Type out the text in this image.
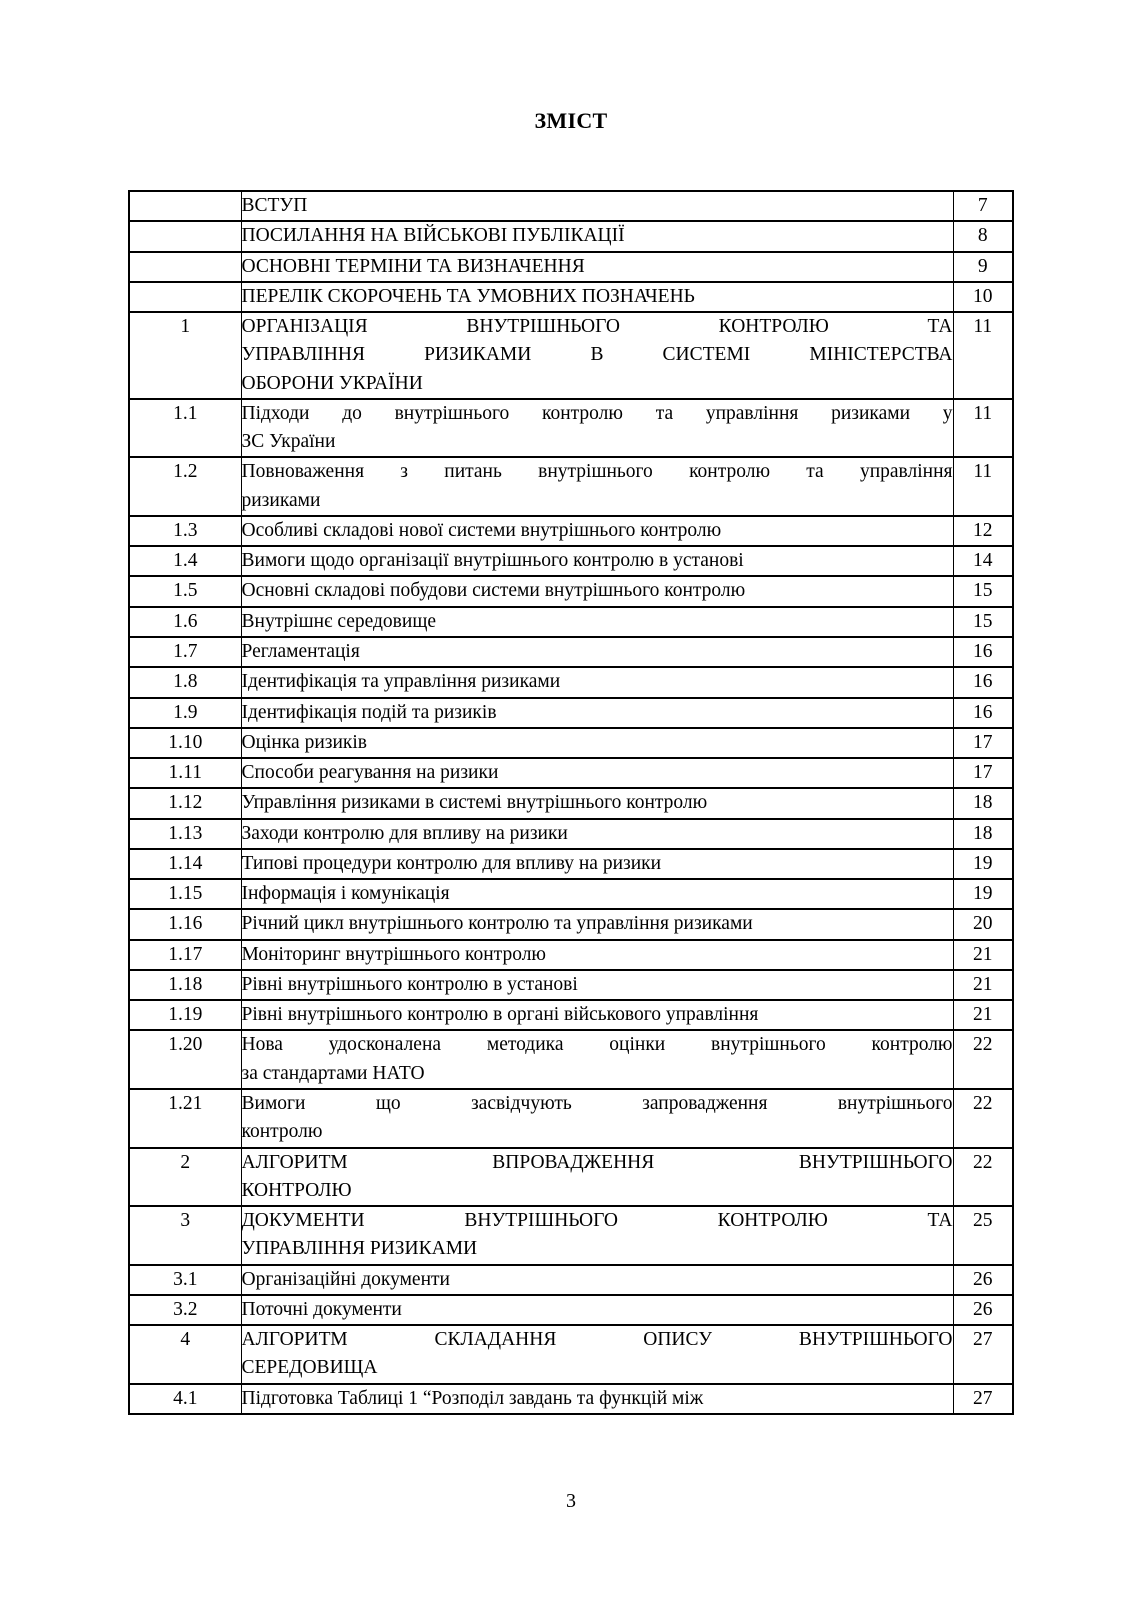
ЗМІСТ
	ВСТУП	7
	ПОСИЛАННЯ НА ВІЙСЬКОВІ ПУБЛІКАЦІЇ	8
	ОСНОВНІ ТЕРМІНИ ТА ВИЗНАЧЕННЯ	9
	ПЕРЕЛІК СКОРОЧЕНЬ ТА УМОВНИХ ПОЗНАЧЕНЬ	10
1	ОРГАНІЗАЦІЯ ВНУТРІШНЬОГО КОНТРОЛЮ ТА
УПРАВЛІННЯ РИЗИКАМИ В СИСТЕМІ МІНІСТЕРСТВА
ОБОРОНИ УКРАЇНИ	11
1.1	Підходи до внутрішнього контролю та управління ризиками у
ЗС України	11
1.2	Повноваження з питань внутрішнього контролю та управління
ризиками	11
1.3	Особливі складові нової системи внутрішнього контролю	12
1.4	Вимоги щодо організації внутрішнього контролю в установі	14
1.5	Основні складові побудови системи внутрішнього контролю	15
1.6	Внутрішнє середовище	15
1.7	Регламентація	16
1.8	Ідентифікація та управління ризиками	16
1.9	Ідентифікація подій та ризиків	16
1.10	Оцінка ризиків	17
1.11	Способи реагування на ризики	17
1.12	Управління ризиками в системі внутрішнього контролю	18
1.13	Заходи контролю для впливу на ризики	18
1.14	Типові процедури контролю для впливу на ризики	19
1.15	Інформація і комунікація	19
1.16	Річний цикл внутрішнього контролю та управління ризиками	20
1.17	Моніторинг внутрішнього контролю	21
1.18	Рівні внутрішнього контролю в установі	21
1.19	Рівні внутрішнього контролю в органі військового управління	21
1.20	Нова удосконалена методика оцінки внутрішнього контролю
за стандартами НАТО	22
1.21	Вимоги що засвідчують запровадження внутрішнього
контролю	22
2	АЛГОРИТМ ВПРОВАДЖЕННЯ ВНУТРІШНЬОГО
КОНТРОЛЮ	22
3	ДОКУМЕНТИ ВНУТРІШНЬОГО КОНТРОЛЮ ТА
УПРАВЛІННЯ РИЗИКАМИ	25
3.1	Організаційні документи	26
3.2	Поточні документи	26
4	АЛГОРИТМ СКЛАДАННЯ ОПИСУ ВНУТРІШНЬОГО
СЕРЕДОВИЩА	27
4.1	Підготовка Таблиці 1 “Розподіл завдань та функцій між	27
3
